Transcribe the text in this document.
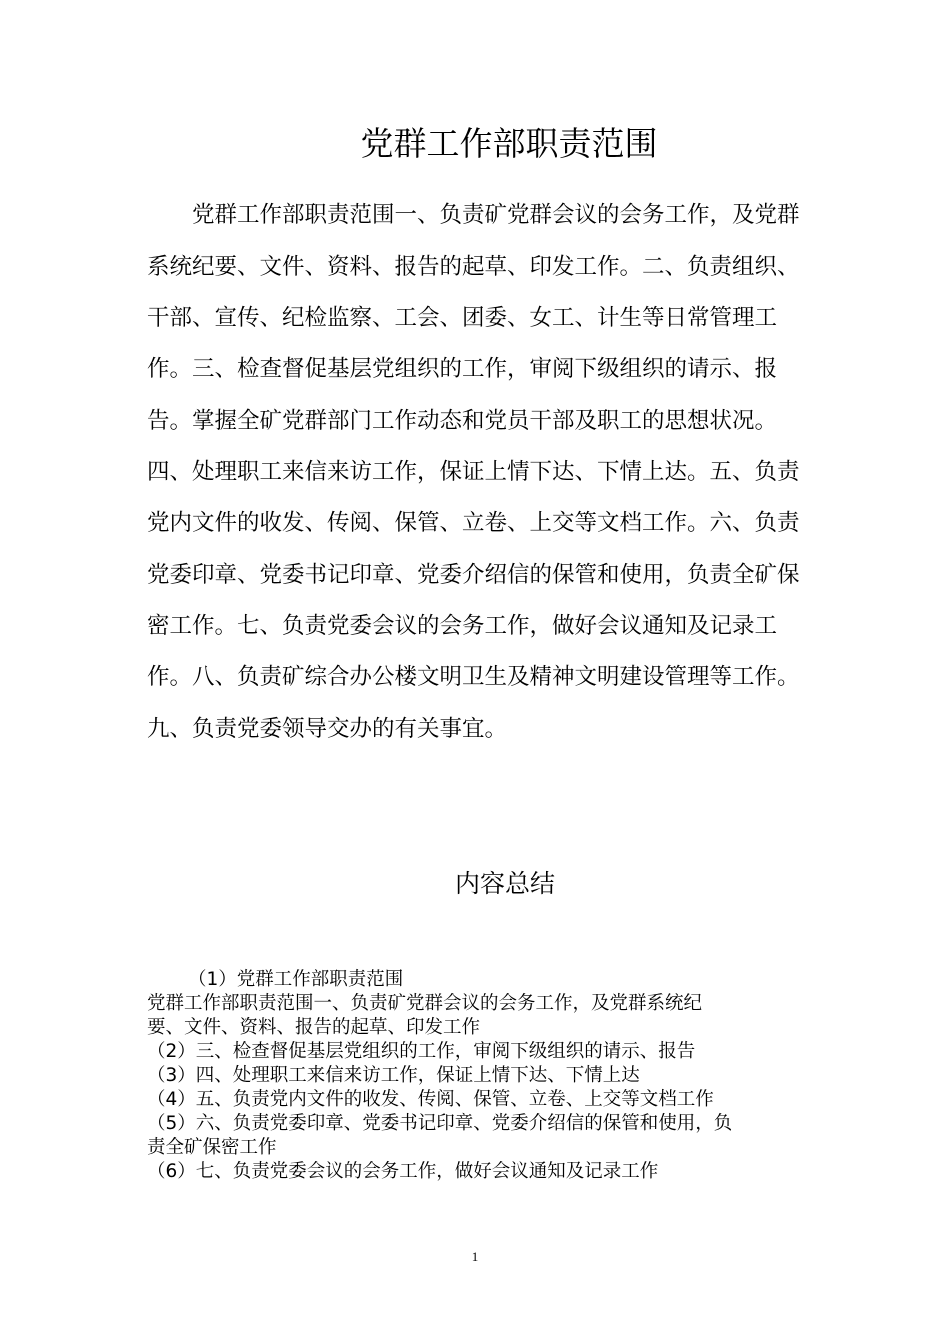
党群工作部职责范围

党群工作部职责范围一、负责矿党群会议的会务工作，及党群

系统纪要、文件、资料、报告的起草、印发工作。二、负责组织、

干部、宣传、纪检监察、工会、团委、女工、计生等日常管理工

作。三、检查督促基层党组织的工作，审阅下级组织的请示、报

告。掌握全矿党群部门工作动态和党员干部及职工的思想状况。

四、处理职工来信来访工作，保证上情下达、下情上达。五、负责

党内文件的收发、传阅、保管、立卷、上交等文档工作。六、负责

党委印章、党委书记印章、党委介绍信的保管和使用，负责全矿保

密工作。七、负责党委会议的会务工作，做好会议通知及记录工

作。八、负责矿综合办公楼文明卫生及精神文明建设管理等工作。

九、负责党委领导交办的有关事宜。

内容总结

（1）党群工作部职责范围

党群工作部职责范围一、负责矿党群会议的会务工作，及党群系统纪

要、文件、资料、报告的起草、印发工作

（2）三、检查督促基层党组织的工作，审阅下级组织的请示、报告

（3）四、处理职工来信来访工作，保证上情下达、下情上达

（4）五、负责党内文件的收发、传阅、保管、立卷、上交等文档工作

（5）六、负责党委印章、党委书记印章、党委介绍信的保管和使用，负

责全矿保密工作

（6）七、负责党委会议的会务工作，做好会议通知及记录工作

1
